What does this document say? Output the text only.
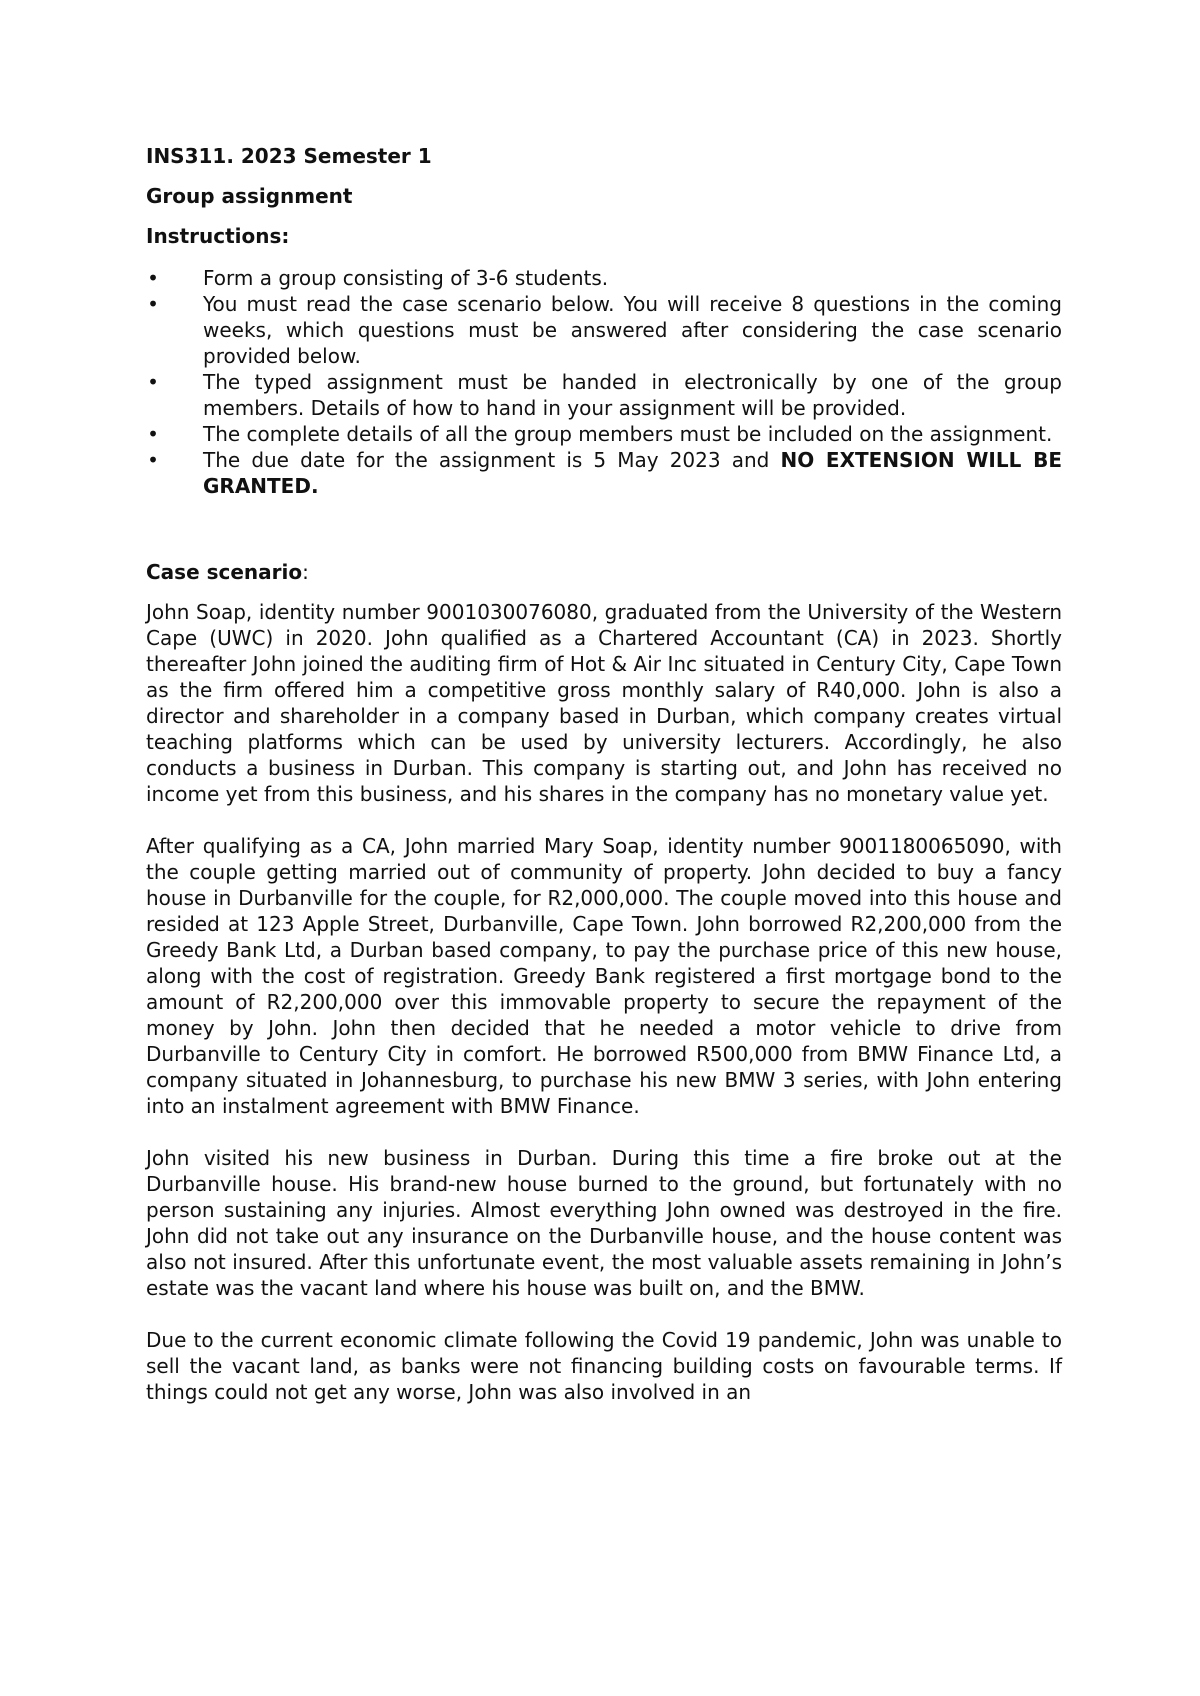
INS311. 2023 Semester 1

Group assignment

Instructions:

• Form a group consisting of 3-6 students.
• You must read the case scenario below. You will receive 8 questions in the coming weeks, which questions must be answered after considering the case scenario provided below.
• The typed assignment must be handed in electronically by one of the group members. Details of how to hand in your assignment will be provided.
• The complete details of all the group members must be included on the assignment.
• The due date for the assignment is 5 May 2023 and NO EXTENSION WILL BE GRANTED.

Case scenario:

John Soap, identity number 9001030076080, graduated from the University of the Western Cape (UWC) in 2020. John qualified as a Chartered Accountant (CA) in 2023. Shortly thereafter John joined the auditing firm of Hot & Air Inc situated in Century City, Cape Town as the firm offered him a competitive gross monthly salary of R40,000. John is also a director and shareholder in a company based in Durban, which company creates virtual teaching platforms which can be used by university lecturers. Accordingly, he also conducts a business in Durban. This company is starting out, and John has received no income yet from this business, and his shares in the company has no monetary value yet.

After qualifying as a CA, John married Mary Soap, identity number 9001180065090, with the couple getting married out of community of property. John decided to buy a fancy house in Durbanville for the couple, for R2,000,000. The couple moved into this house and resided at 123 Apple Street, Durbanville, Cape Town. John borrowed R2,200,000 from the Greedy Bank Ltd, a Durban based company, to pay the purchase price of this new house, along with the cost of registration. Greedy Bank registered a first mortgage bond to the amount of R2,200,000 over this immovable property to secure the repayment of the money by John. John then decided that he needed a motor vehicle to drive from Durbanville to Century City in comfort. He borrowed R500,000 from BMW Finance Ltd, a company situated in Johannesburg, to purchase his new BMW 3 series, with John entering into an instalment agreement with BMW Finance.

John visited his new business in Durban. During this time a fire broke out at the Durbanville house. His brand-new house burned to the ground, but fortunately with no person sustaining any injuries. Almost everything John owned was destroyed in the fire. John did not take out any insurance on the Durbanville house, and the house content was also not insured. After this unfortunate event, the most valuable assets remaining in John’s estate was the vacant land where his house was built on, and the BMW.

Due to the current economic climate following the Covid 19 pandemic, John was unable to sell the vacant land, as banks were not financing building costs on favourable terms. If things could not get any worse, John was also involved in an
